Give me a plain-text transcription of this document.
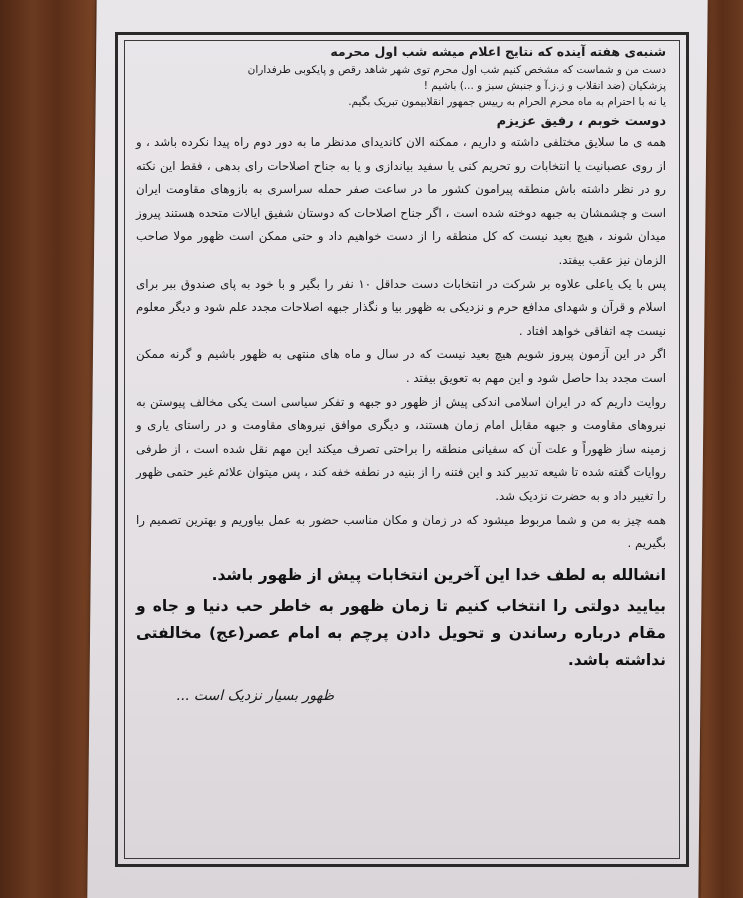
شنبه‌ی هفته آینده که نتایج اعلام میشه شب اول محرمه

دست من و شماست که مشخص کنیم شب اول محرم توی شهر شاهد رقص و پایکوبی طرفداران

پزشکیان (ضد انقلاب و ز.ز.آ و جنبش سبز و ...) باشیم !

یا نه با احترام به ماه محرم الحرام به رییس جمهور انقلابیمون تبریک بگیم.

دوست خوبم ، رفیق عزیزم

همه ی ما سلایق مختلفی داشته و داریم ، ممکنه الان کاندیدای مدنظر ما به دور دوم راه پیدا نکرده باشد ، و از روی عصبانیت یا انتخابات رو تحریم کنی یا سفید بیاندازی و یا به جناح اصلاحات رای بدهی ، فقط این نکته رو در نظر داشته باش منطقه پیرامون کشور ما در ساعت صفر حمله سراسری به بازوهای مقاومت ایران است و چشمشان به جبهه دوخته شده است ، اگر جناح اصلاحات که دوستان شفیق ایالات متحده هستند پیروز میدان شوند ، هیچ بعید نیست که کل منطقه را از دست خواهیم داد و حتی ممکن است ظهور مولا صاحب الزمان نیز عقب بیفتد.

پس با یک یاعلی علاوه بر شرکت در انتخابات دست حداقل ۱۰ نفر را بگیر و با خود به پای صندوق ببر برای اسلام و قرآن و شهدای مدافع حرم و نزدیکی به ظهور بیا و نگذار جبهه اصلاحات مجدد علم شود و دیگر معلوم نیست چه اتفاقی خواهد افتاد .

اگر در این آزمون پیروز شویم هیچ بعید نیست که در سال و ماه های منتهی به ظهور باشیم و گرنه ممکن است مجدد بدا حاصل شود و این مهم به تعویق بیفتد .

روایت داریم که در ایران اسلامی اندکی پیش از ظهور دو جبهه و تفکر سیاسی است یکی مخالف پیوستن به نیروهای مقاومت و جبهه مقابل امام زمان هستند، و دیگری موافق نیروهای مقاومت و در راستای یاری و زمینه ساز ظهوراً و علت آن که سفیانی منطقه را براحتی تصرف میکند این مهم نقل شده است ، از طرفی روایات گفته شده تا شیعه تدبیر کند و این فتنه را از بنیه در نطفه خفه کند ، پس میتوان علائم غیر حتمی ظهور را تغییر داد و به حضرت نزدیک شد.

همه چیز به من و شما مربوط میشود که در زمان و مکان مناسب حضور به عمل بیاوریم و بهترین تصمیم را بگیریم .

انشالله به لطف خدا این آخرین انتخابات پیش از ظهور باشد.

بیایید دولتی را انتخاب کنیم تا زمان ظهور به خاطر حب دنیا و جاه و مقام درباره رساندن و تحویل دادن پرچم به امام عصر(عج) مخالفتی نداشته باشد.

ظهور بسیار نزدیک است ...
